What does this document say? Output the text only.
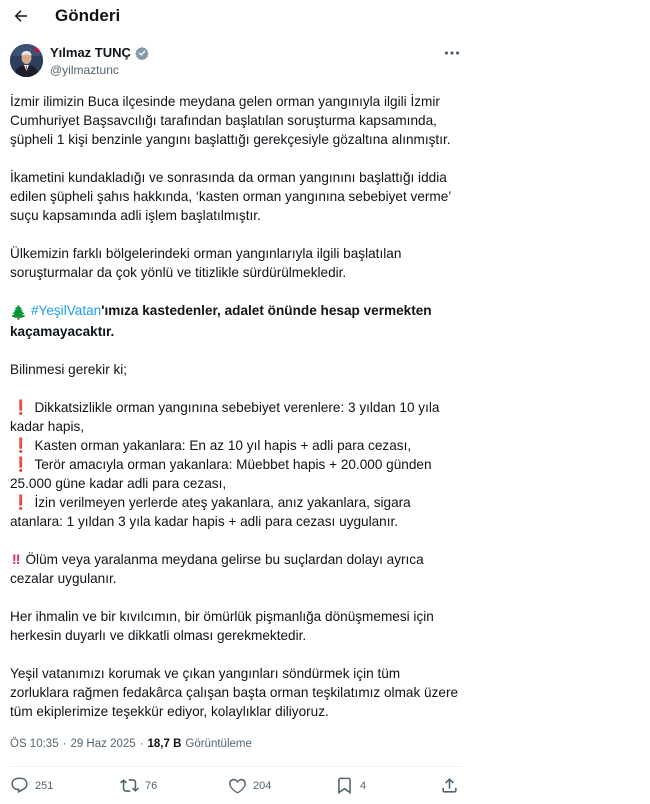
Gönderi
Yılmaz TUNÇ
@yilmaztunc

İzmir ilimizin Buca ilçesinde meydana gelen orman yangınıyla ilgili İzmir Cumhuriyet Başsavcılığı tarafından başlatılan soruşturma kapsamında, şüpheli 1 kişi benzinle yangını başlattığı gerekçesiyle gözaltına alınmıştır.

İkametini kundakladığı ve sonrasında da orman yangınını başlattığı iddia edilen şüpheli şahıs hakkında, ‘kasten orman yangınına sebebiyet verme’ suçu kapsamında adli işlem başlatılmıştır.

Ülkemizin farklı bölgelerindeki orman yangınlarıyla ilgili başlatılan soruşturmalar da çok yönlü ve titizlikle sürdürülmekledir.

🌲 #YeşilVatan'ımıza kastedenler, adalet önünde hesap vermekten kaçamayacaktır.

Bilinmesi gerekir ki;

❗ Dikkatsizlikle orman yangınına sebebiyet verenlere: 3 yıldan 10 yıla kadar hapis,

❗ Kasten orman yakanlara: En az 10 yıl hapis + adli para cezası,

❗ Terör amacıyla orman yakanlara: Müebbet hapis + 20.000 günden 25.000 güne kadar adli para cezası,

❗ İzin verilmeyen yerlerde ateş yakanlara, anız yakanlara, sigara atanlara: 1 yıldan 3 yıla kadar hapis + adli para cezası uygulanır.

‼ Ölüm veya yaralanma meydana gelirse bu suçlardan dolayı ayrıca cezalar uygulanır.

Her ihmalin ve bir kıvılcımın, bir ömürlük pişmanlığa dönüşmemesi için herkesin duyarlı ve dikkatli olması gerekmektedir.

Yeşil vatanımızı korumak ve çıkan yangınları söndürmek için tüm zorluklara rağmen fedakârca çalışan başta orman teşkilatımız olmak üzere tüm ekiplerimize teşekkür ediyor, kolaylıklar diliyoruz.

ÖS 10:35 · 29 Haz 2025 · 18,7 B Görüntüleme
251	76	204	4
